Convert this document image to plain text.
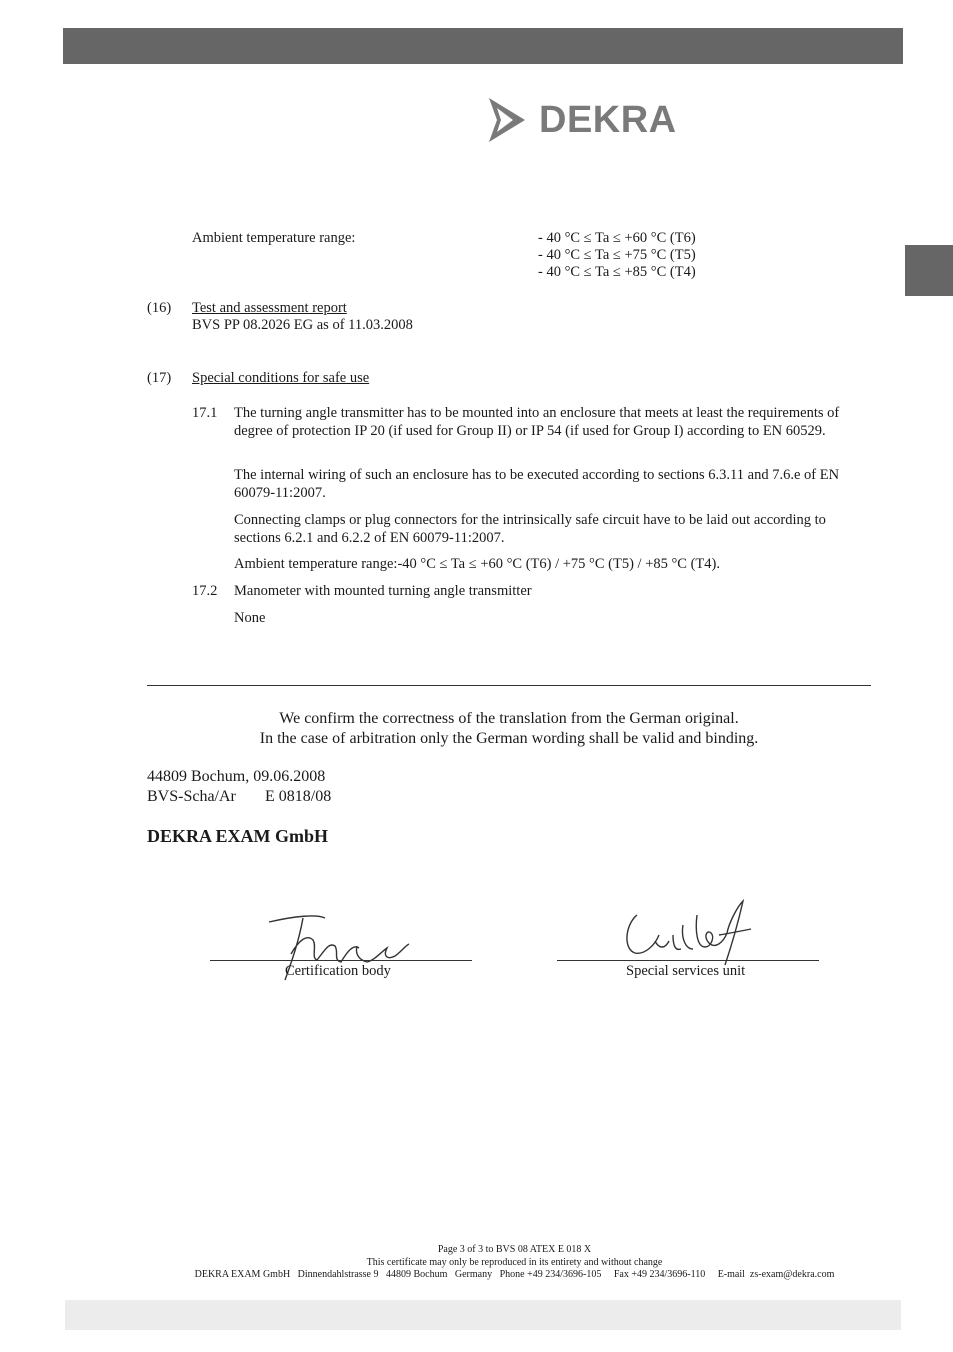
DEKRA
Ambient temperature range:	- 40 °C ≤ Ta ≤ +60 °C (T6)
- 40 °C ≤ Ta ≤ +75 °C (T5)
- 40 °C ≤ Ta ≤ +85 °C (T4)
(16) Test and assessment report
BVS PP 08.2026 EG as of 11.03.2008
(17) Special conditions for safe use
17.1 The turning angle transmitter has to be mounted into an enclosure that meets at least the requirements of degree of protection IP 20 (if used for Group II) or IP 54 (if used for Group I) according to EN 60529.
The internal wiring of such an enclosure has to be executed according to sections 6.3.11 and 7.6.e of EN 60079-11:2007.
Connecting clamps or plug connectors for the intrinsically safe circuit have to be laid out according to sections 6.2.1 and 6.2.2 of EN 60079-11:2007.
Ambient temperature range:-40 °C ≤ Ta ≤ +60 °C (T6) / +75 °C (T5) / +85 °C (T4).
17.2 Manometer with mounted turning angle transmitter
None
We confirm the correctness of the translation from the German original.
In the case of arbitration only the German wording shall be valid and binding.
44809 Bochum, 09.06.2008
BVS-Scha/Ar E 0818/08
DEKRA EXAM GmbH
Certification body	Special services unit
Page 3 of 3 to BVS 08 ATEX E 018 X
This certificate may only be reproduced in its entirety and without change
DEKRA EXAM GmbH   Dinnendahlstrasse 9   44809 Bochum   Germany   Phone +49 234/3696-105     Fax +49 234/3696-110     E-mail  zs-exam@dekra.com
